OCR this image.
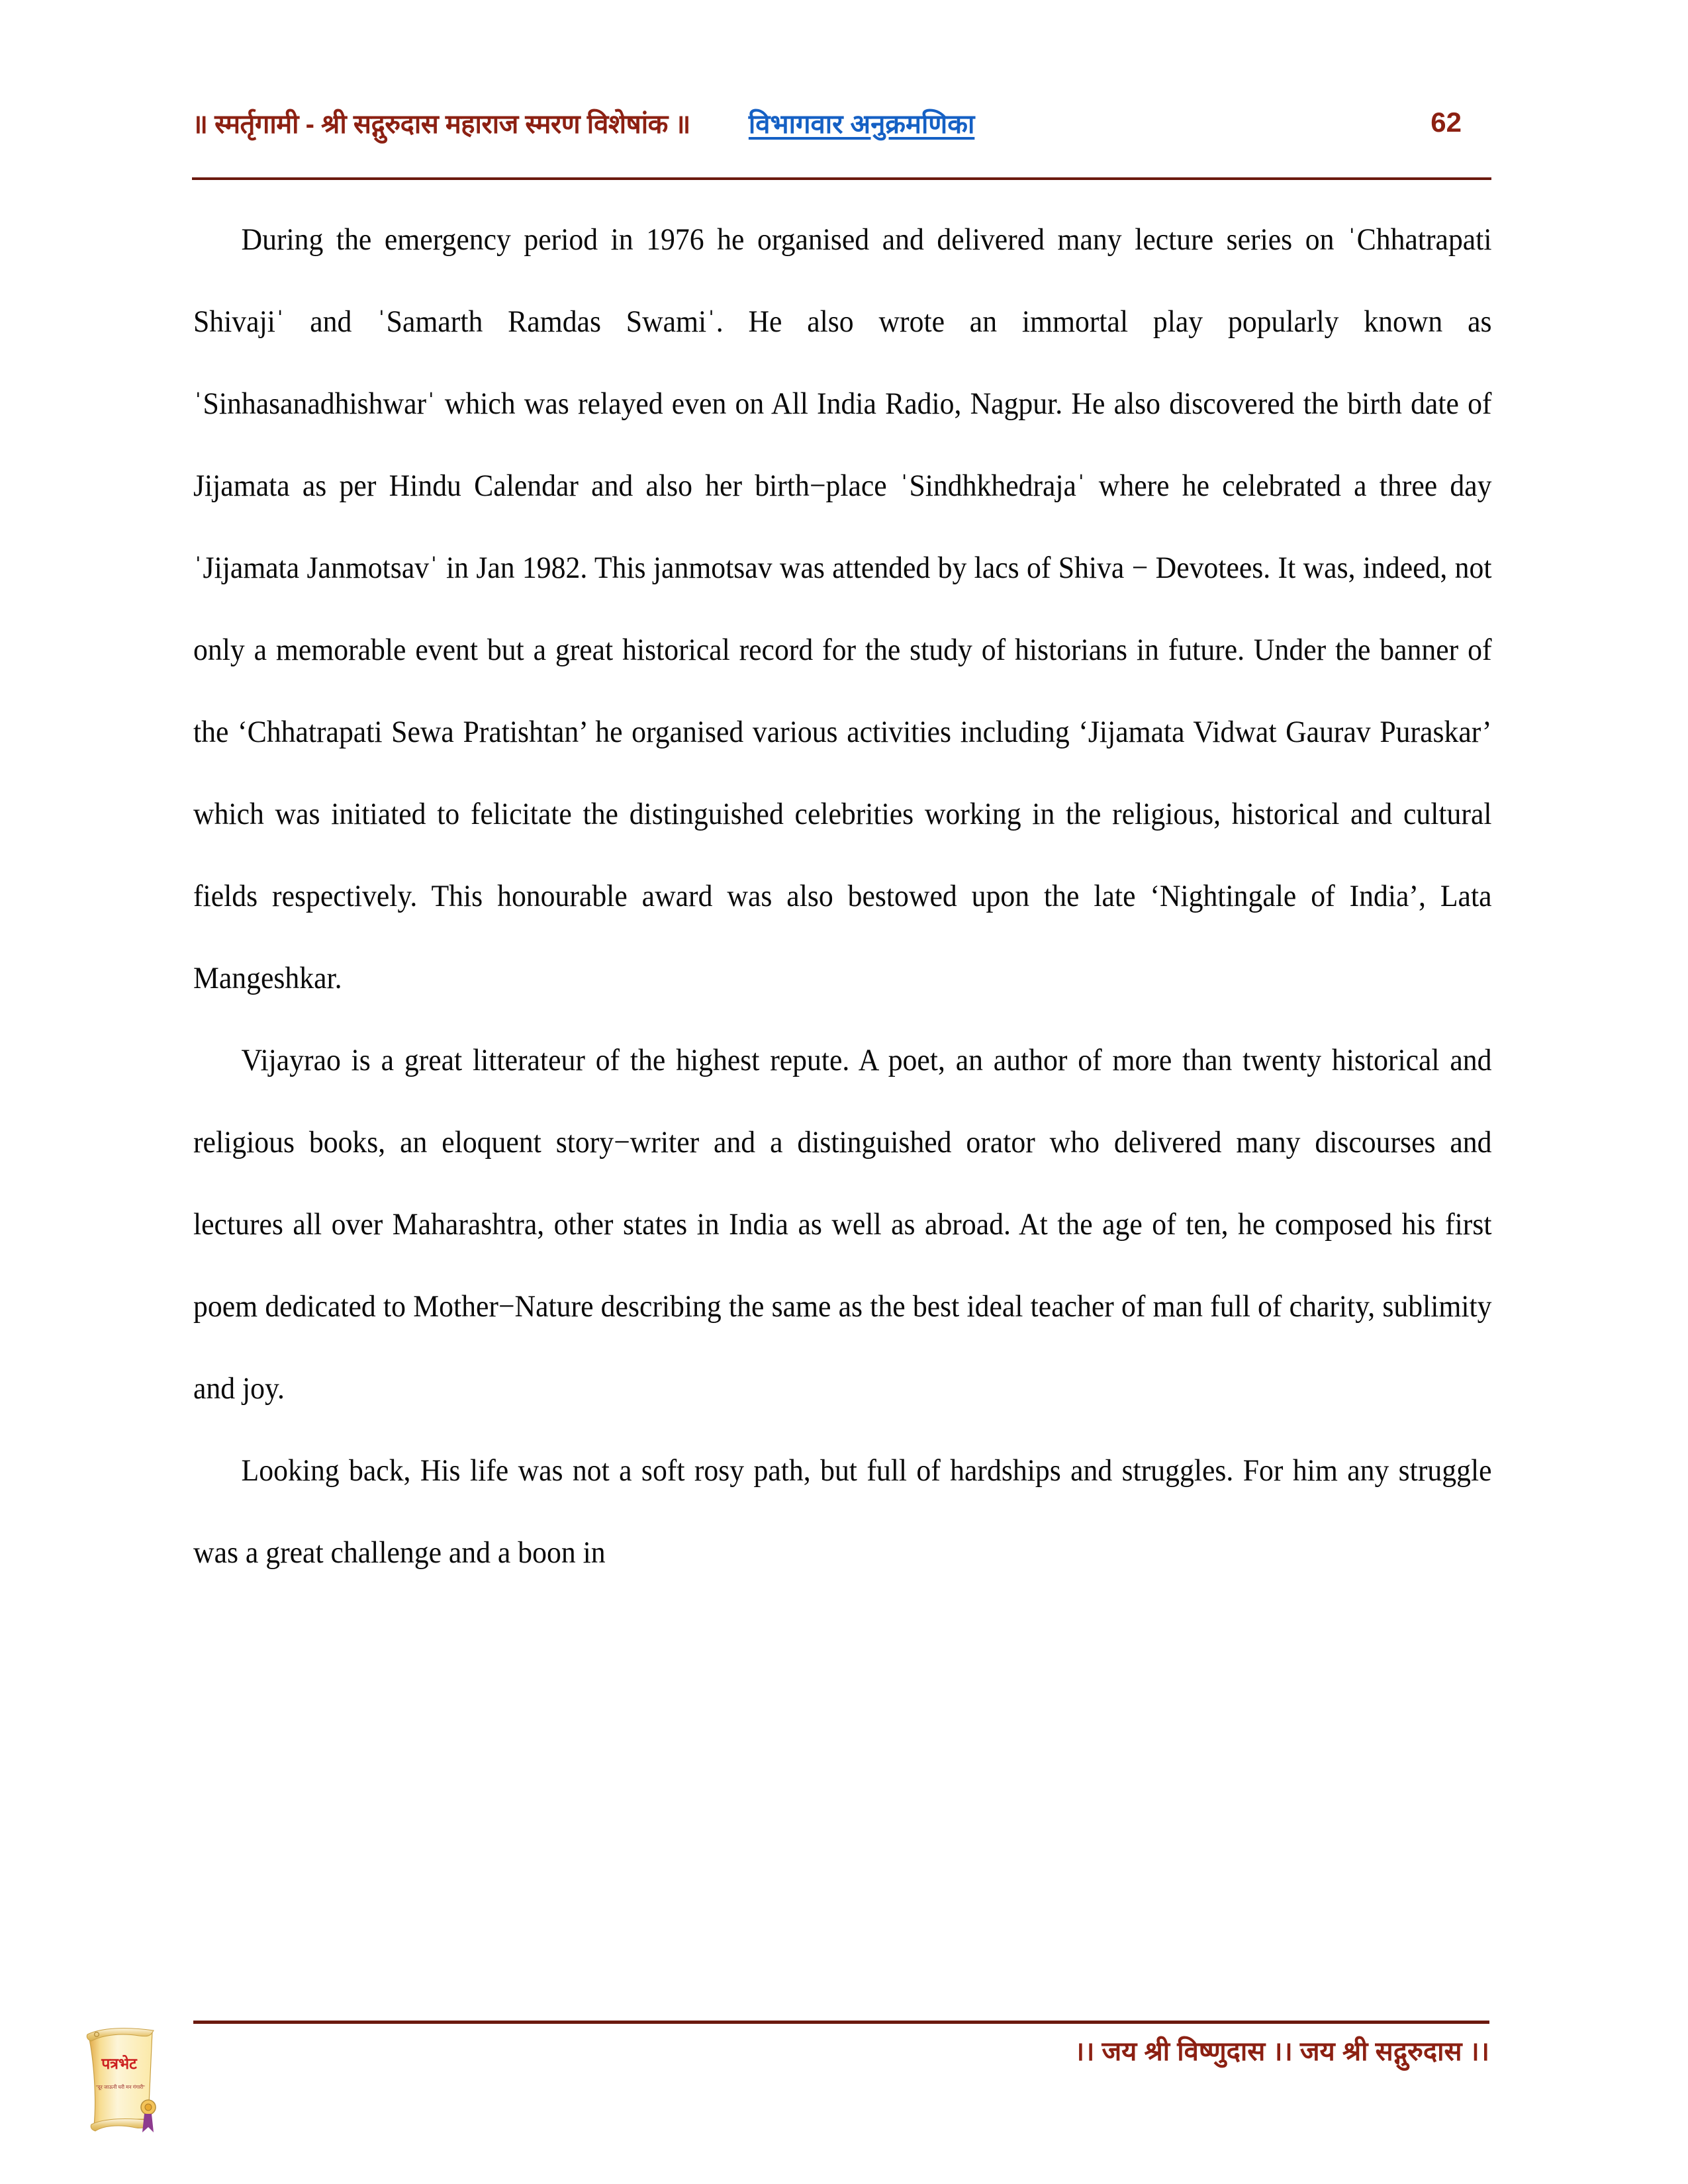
॥ स्मर्तृगामी - श्री सद्गुरुदास महाराज स्मरण विशेषांक ॥ विभागवार अनुक्रमणिका	62

During the emergency period in 1976 he organised and delivered many lecture series on ˈChhatrapati Shivajiˈ and ˈSamarth Ramdas Swamiˈ. He also wrote an immortal play popularly known as ˈSinhasanadhishwarˈ which was relayed even on All India Radio, Nagpur. He also discovered the birth date of Jijamata as per Hindu Calendar and also her birth−place ˈSindhkhedrajaˈ where he celebrated a three day ˈJijamata Janmotsavˈ in Jan 1982. This janmotsav was attended by lacs of Shiva − Devotees. It was, indeed, not only a memorable event but a great historical record for the study of historians in future. Under the banner of the ‘Chhatrapati Sewa Pratishtan’ he organised various activities including ‘Jijamata Vidwat Gaurav Puraskar’ which was initiated to felicitate the distinguished celebrities working in the religious, historical and cultural fields respectively. This honourable award was also bestowed upon the late ‘Nightingale of India’, Lata Mangeshkar.

Vijayrao is a great litterateur of the highest repute. A poet, an author of more than twenty historical and religious books, an eloquent story−writer and a distinguished orator who delivered many discourses and lectures all over Maharashtra, other states in India as well as abroad. At the age of ten, he composed his first poem dedicated to Mother−Nature describing the same as the best ideal teacher of man full of charity, sublimity and joy.

Looking back, His life was not a soft rosy path, but full of hardships and struggles. For him any struggle was a great challenge and a boon in

।। जय श्री विष्णुदास ।। जय श्री सद्गुरुदास ।।
पत्रभेट
"दूर जाऊनी घरी मन गंगारी"
